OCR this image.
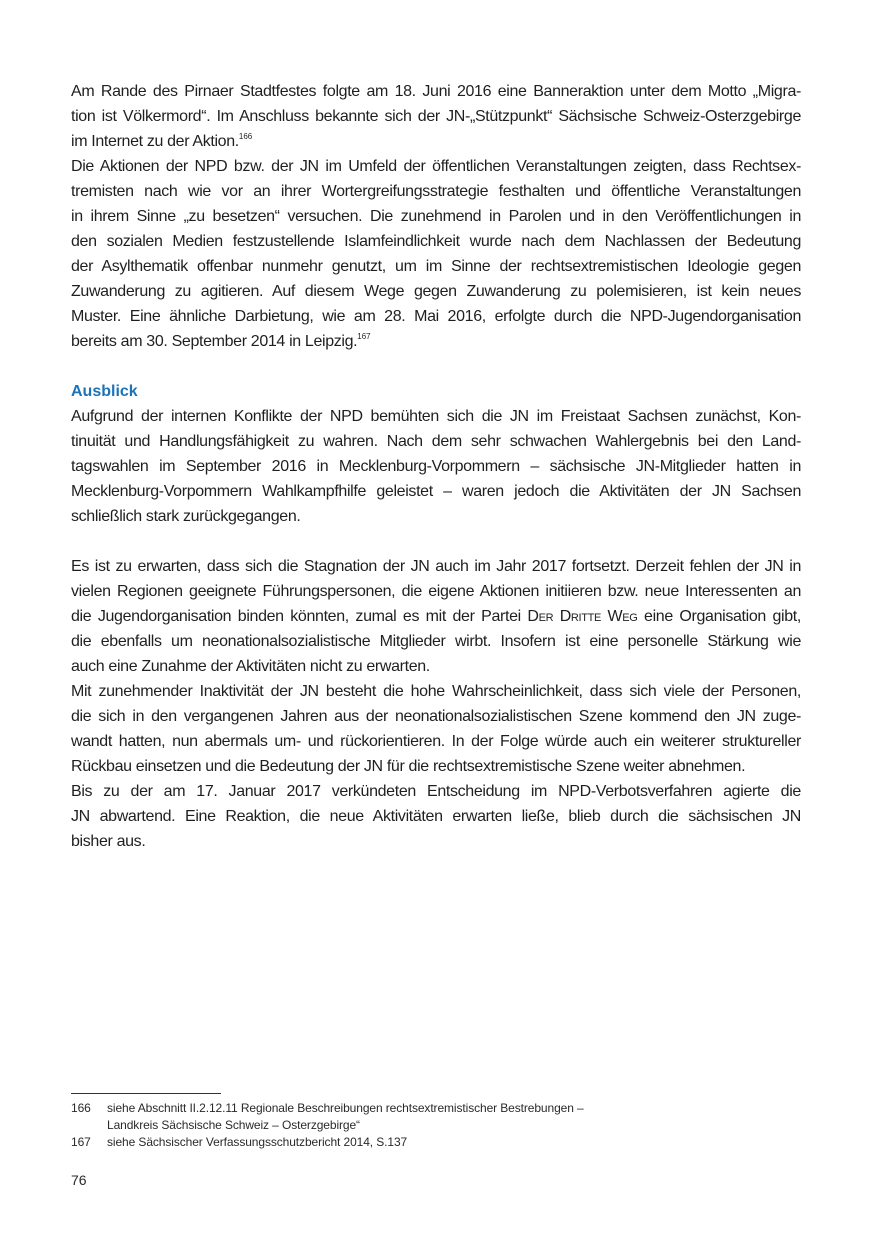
Am Rande des Pirnaer Stadtfestes folgte am 18. Juni 2016 eine Banneraktion unter dem Motto „Migra-
tion ist Völkermord“. Im Anschluss bekannte sich der JN-„Stützpunkt“ Sächsische Schweiz-Osterzgebirge
im Internet zu der Aktion.$^{166}$
Die Aktionen der NPD bzw. der JN im Umfeld der öffentlichen Veranstaltungen zeigten, dass Rechtsex-
tremisten nach wie vor an ihrer Wortergreifungsstrategie festhalten und öffentliche Veranstaltungen
in ihrem Sinne „zu besetzen“ versuchen. Die zunehmend in Parolen und in den Veröffentlichungen in
den sozialen Medien festzustellende Islamfeindlichkeit wurde nach dem Nachlassen der Bedeutung
der Asylthematik offenbar nunmehr genutzt, um im Sinne der rechtsextremistischen Ideologie gegen
Zuwanderung zu agitieren. Auf diesem Wege gegen Zuwanderung zu polemisieren, ist kein neues
Muster. Eine ähnliche Darbietung, wie am 28. Mai 2016, erfolgte durch die NPD-Jugendorganisation
bereits am 30. September 2014 in Leipzig.$^{167}$
Ausblick
Aufgrund der internen Konflikte der NPD bemühten sich die JN im Freistaat Sachsen zunächst, Kon-
tinuität und Handlungsfähigkeit zu wahren. Nach dem sehr schwachen Wahlergebnis bei den Land-
tagswahlen im September 2016 in Mecklenburg-Vorpommern – sächsische JN-Mitglieder hatten in
Mecklenburg-Vorpommern Wahlkampfhilfe geleistet – waren jedoch die Aktivitäten der JN Sachsen
schließlich stark zurückgegangen.
Es ist zu erwarten, dass sich die Stagnation der JN auch im Jahr 2017 fortsetzt. Derzeit fehlen der JN in
vielen Regionen geeignete Führungspersonen, die eigene Aktionen initiieren bzw. neue Interessenten an
die Jugendorganisation binden könnten, zumal es mit der Partei Der Dritte Weg eine Organisation gibt,
die ebenfalls um neonationalsozialistische Mitglieder wirbt. Insofern ist eine personelle Stärkung wie
auch eine Zunahme der Aktivitäten nicht zu erwarten.
Mit zunehmender Inaktivität der JN besteht die hohe Wahrscheinlichkeit, dass sich viele der Personen,
die sich in den vergangenen Jahren aus der neonationalsozialistischen Szene kommend den JN zuge-
wandt hatten, nun abermals um- und rückorientieren. In der Folge würde auch ein weiterer struktureller
Rückbau einsetzen und die Bedeutung der JN für die rechtsextremistische Szene weiter abnehmen.
Bis zu der am 17. Januar 2017 verkündeten Entscheidung im NPD-Verbotsverfahren agierte die
JN abwartend. Eine Reaktion, die neue Aktivitäten erwarten ließe, blieb durch die sächsischen JN
bisher aus.
166 siehe Abschnitt II.2.12.11 Regionale Beschreibungen rechtsextremistischer Bestrebungen –
Landkreis Sächsische Schweiz – Osterzgebirge“
167 siehe Sächsischer Verfassungsschutzbericht 2014, S.137
76
